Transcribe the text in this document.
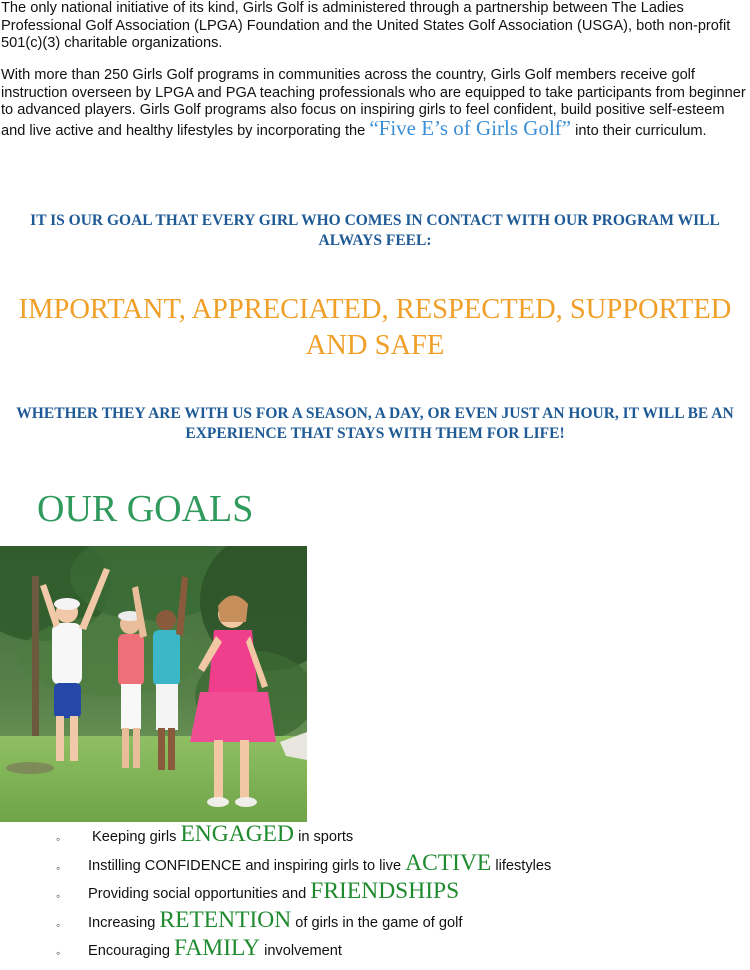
The only national initiative of its kind, Girls Golf is administered through a partnership between The Ladies Professional Golf Association (LPGA) Foundation and the United States Golf Association (USGA), both non-profit 501(c)(3) charitable organizations.

With more than 250 Girls Golf programs in communities across the country, Girls Golf members receive golf instruction overseen by LPGA and PGA teaching professionals who are equipped to take participants from beginner to advanced players. Girls Golf programs also focus on inspiring girls to feel confident, build positive self-esteem and live active and healthy lifestyles by incorporating the “Five E’s of Girls Golf” into their curriculum.

IT IS OUR GOAL THAT EVERY GIRL WHO COMES IN CONTACT WITH OUR PROGRAM WILL ALWAYS FEEL:

IMPORTANT, APPRECIATED, RESPECTED, SUPPORTED AND SAFE

WHETHER THEY ARE WITH US FOR A SEASON, A DAY, OR EVEN JUST AN HOUR, IT WILL BE AN EXPERIENCE THAT STAYS WITH THEM FOR LIFE!

OUR GOALS
◦ Keeping girls ENGAGED in sports
◦ Instilling CONFIDENCE and inspiring girls to live ACTIVE lifestyles
◦ Providing social opportunities and FRIENDSHIPS
◦ Increasing RETENTION of girls in the game of golf
◦ Encouraging FAMILY involvement
